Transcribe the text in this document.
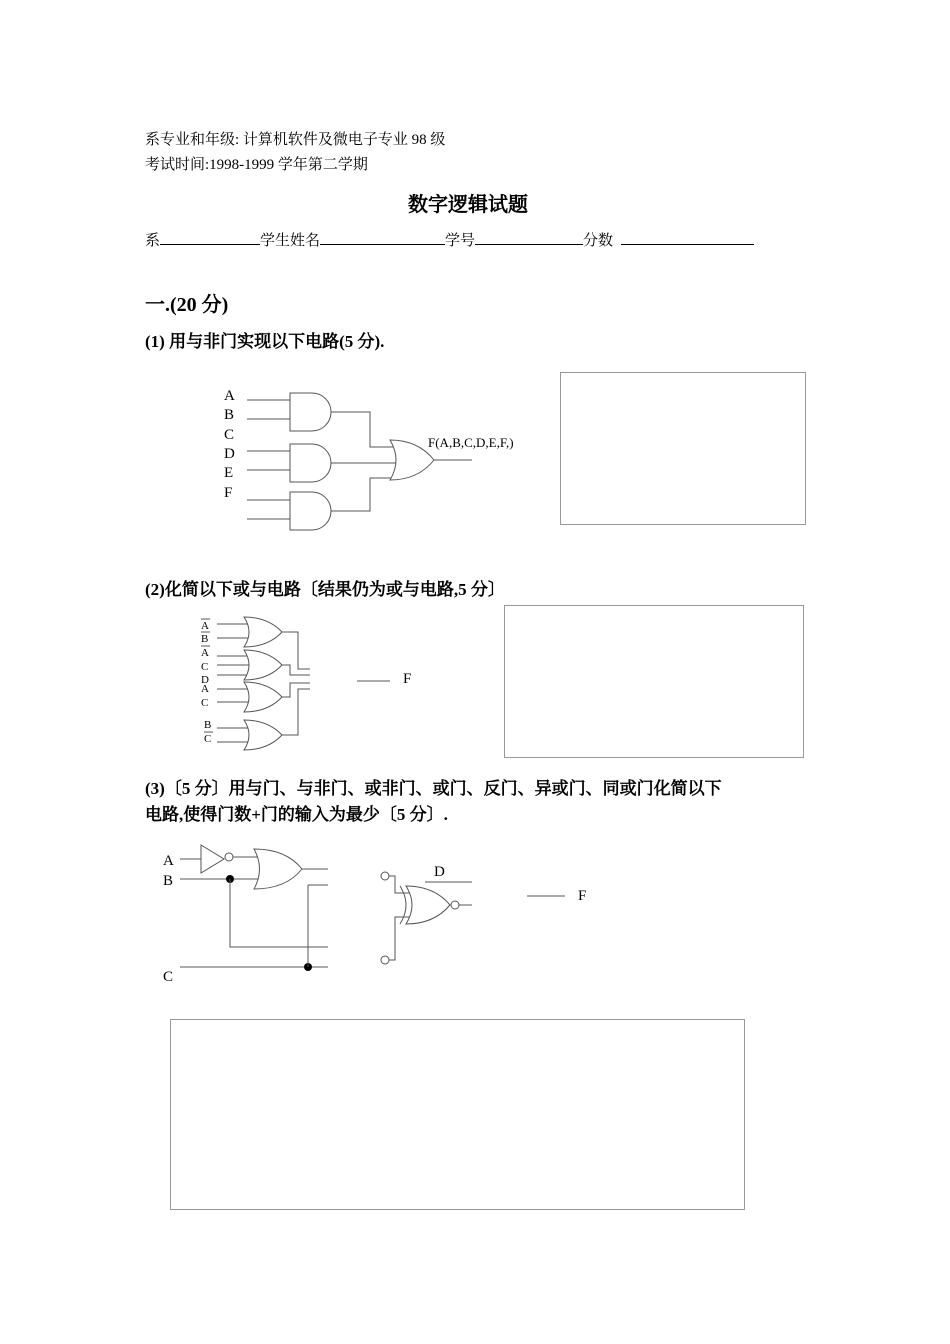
系专业和年级: 计算机软件及微电子专业 98 级
考试时间:1998-1999 学年第二学期
数字逻辑试题
系	学生姓名	学号	分数
一.(20 分)
(1) 用与非门实现以下电路(5 分).
A
B
C
D
E
F
F(A,B,C,D,E,F,)
A
B
A
C
D
A
C
B
C
F
A
B
C
D
F
(2)化简以下或与电路〔结果仍为或与电路,5 分〕
(3)〔5 分〕用与门、与非门、或非门、或门、反门、异或门、同或门化简以下
电路,使得门数+门的输入为最少〔5 分〕.
